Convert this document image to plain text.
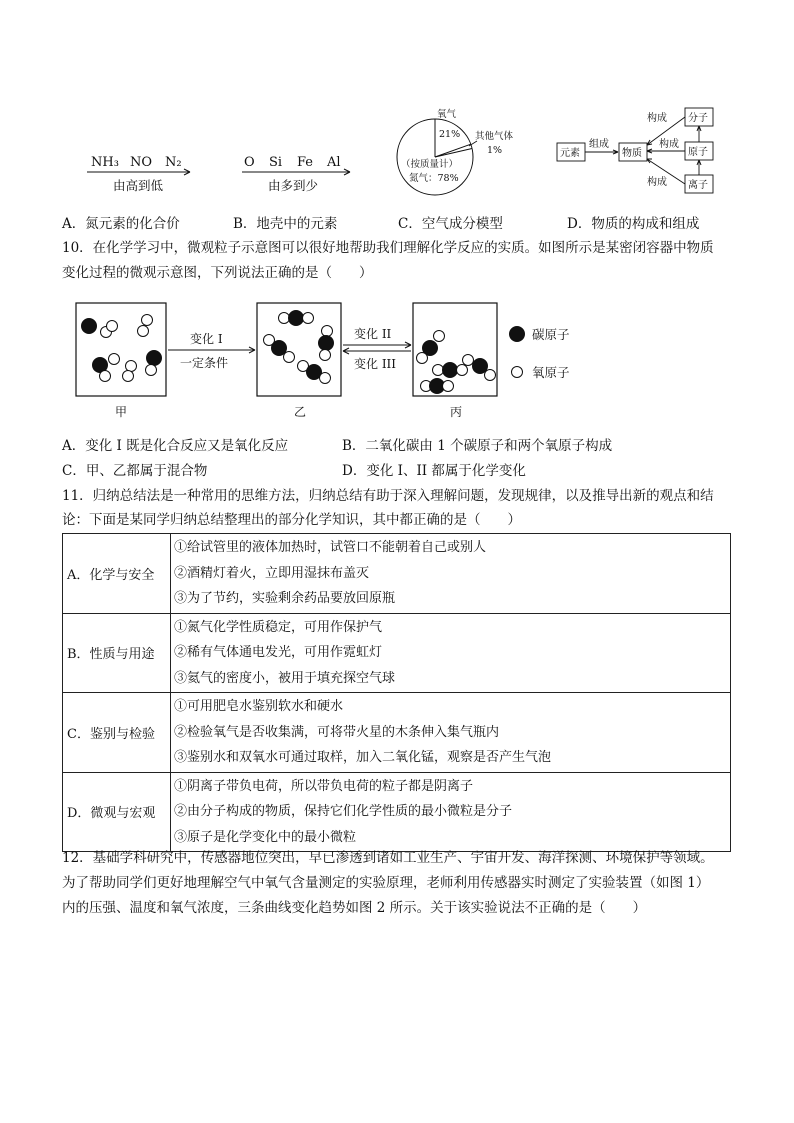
NH₃ NO N₂
由高到低
O Si Fe Al
由多到少
氧气
21% 其他气体
1%
（按质量计）
氮气：78%
元素
组成
物质
分子
原子
离子
构成
构成
构成
A．氮元素的化合价	B．地壳中的元素	C．空气成分模型	D．物质的构成和组成
10．在化学学习中，微观粒子示意图可以很好地帮助我们理解化学反应的实质。如图所示是某密闭容器中物质
变化过程的微观示意图，下列说法正确的是（　　）
甲	乙	丙
变化 I
一定条件
变化 II
变化 III
碳原子
氧原子
A．变化 I 既是化合反应又是氧化反应	B．二氧化碳由 1 个碳原子和两个氧原子构成
C．甲、乙都属于混合物	D．变化 I、II 都属于化学变化
11．归纳总结法是一种常用的思维方法，归纳总结有助于深入理解问题，发现规律，以及推导出新的观点和结
论：下面是某同学归纳总结整理出的部分化学知识，其中都正确的是（　　）
A．化学与安全	①给试管里的液体加热时，试管口不能朝着自己或别人
②酒精灯着火，立即用湿抹布盖灭
③为了节约，实验剩余药品要放回原瓶

B．性质与用途	①氮气化学性质稳定，可用作保护气
②稀有气体通电发光，可用作霓虹灯
③氦气的密度小，被用于填充探空气球

C．鉴别与检验	①可用肥皂水鉴别软水和硬水
②检验氧气是否收集满，可将带火星的木条伸入集气瓶内
③鉴别水和双氧水可通过取样，加入二氧化锰，观察是否产生气泡

D．微观与宏观	①阴离子带负电荷，所以带负电荷的粒子都是阴离子
②由分子构成的物质，保持它们化学性质的最小微粒是分子
③原子是化学变化中的最小微粒
12．基础学科研究中，传感器地位突出，早已渗透到诸如工业生产、宇宙开发、海洋探测、环境保护等领域。
为了帮助同学们更好地理解空气中氧气含量测定的实验原理，老师利用传感器实时测定了实验装置（如图 1）
内的压强、温度和氧气浓度，三条曲线变化趋势如图 2 所示。关于该实验说法不正确的是（　　）
